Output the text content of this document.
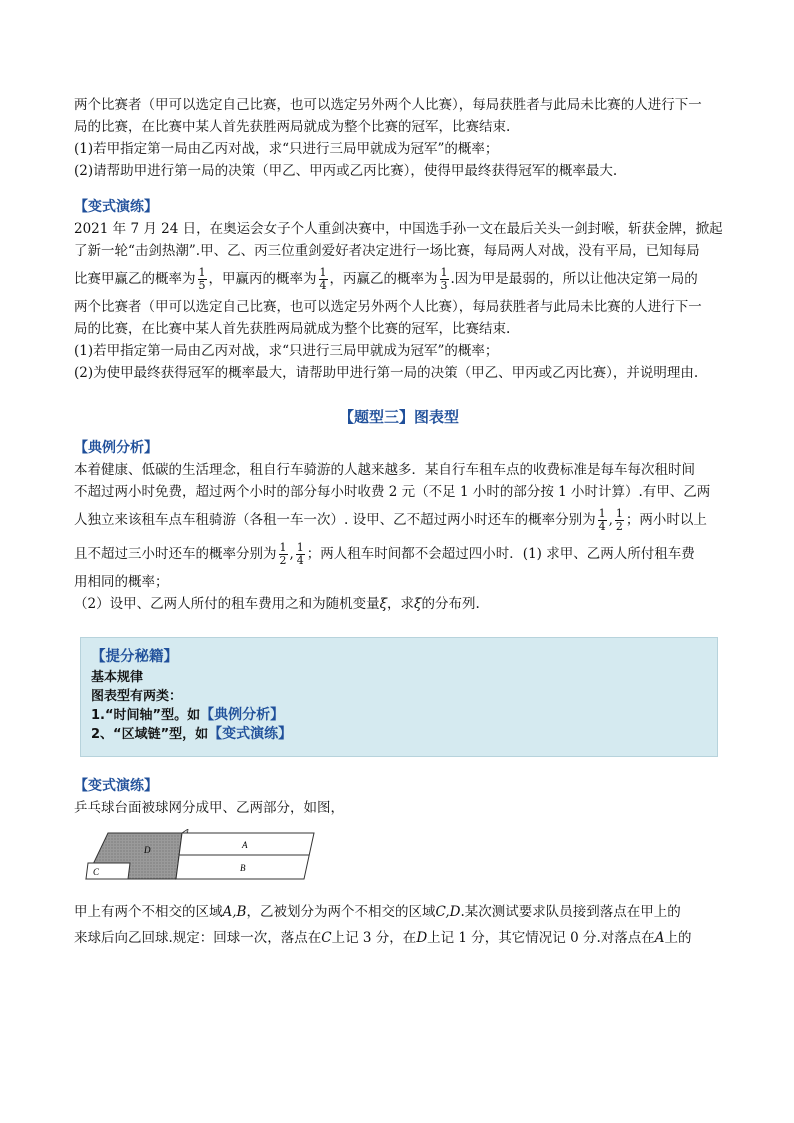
两个比赛者（甲可以选定自己比赛，也可以选定另外两个人比赛），每局获胜者与此局未比赛的人进行下一
局的比赛，在比赛中某人首先获胜两局就成为整个比赛的冠军，比赛结束.
(1)若甲指定第一局由乙丙对战，求“只进行三局甲就成为冠军”的概率；
(2)请帮助甲进行第一局的决策（甲乙、甲丙或乙丙比赛），使得甲最终获得冠军的概率最大.
【变式演练】
2021 年 7 月 24 日，在奥运会女子个人重剑决赛中，中国选手孙一文在最后关头一剑封喉，斩获金牌，掀起
了新一轮“击剑热潮”.甲、乙、丙三位重剑爱好者决定进行一场比赛，每局两人对战，没有平局，已知每局
比赛甲赢乙的概率为 $\frac{1}{5}$ ，甲赢丙的概率为 $\frac{1}{4}$ ，丙赢乙的概率为 $\frac{1}{3}$ .因为甲是最弱的，所以让他决定第一局的
两个比赛者（甲可以选定自己比赛，也可以选定另外两个人比赛），每局获胜者与此局未比赛的人进行下一
局的比赛，在比赛中某人首先获胜两局就成为整个比赛的冠军，比赛结束.
(1)若甲指定第一局由乙丙对战，求“只进行三局甲就成为冠军”的概率；
(2)为使甲最终获得冠军的概率最大，请帮助甲进行第一局的决策（甲乙、甲丙或乙丙比赛），并说明理由.
【题型三】图表型
【典例分析】
本着健康、低碳的生活理念，租自行车骑游的人越来越多．某自行车租车点的收费标准是每车每次租时间
不超过两小时免费，超过两个小时的部分每小时收费 2 元（不足 1 小时的部分按 1 小时计算）.有甲、乙两
人独立来该租车点车租骑游（各租一车一次）. 设甲、乙不超过两小时还车的概率分别为 $\frac{1}{4}$ , $\frac{1}{2}$ ；两小时以上
且不超过三小时还车的概率分别为 $\frac{1}{2}$ , $\frac{1}{4}$ ；两人租车时间都不会超过四小时．(1) 求甲、乙两人所付租车费
用相同的概率；
（2）设甲、乙两人所付的租车费用之和为随机变量ξ，求ξ的分布列.
【提分秘籍】
基本规律
图表型有两类：
1.“时间轴”型。如【典例分析】
2、“区域链”型，如【变式演练】
【变式演练】
乒乓球台面被球网分成甲、乙两部分，如图，
C
D	A
B
甲上有两个不相交的区域A,B，乙被划分为两个不相交的区域C,D.某次测试要求队员接到落点在甲上的
来球后向乙回球.规定：回球一次，落点在C上记 3 分，在D上记 1 分，其它情况记 0 分.对落点在A上的
